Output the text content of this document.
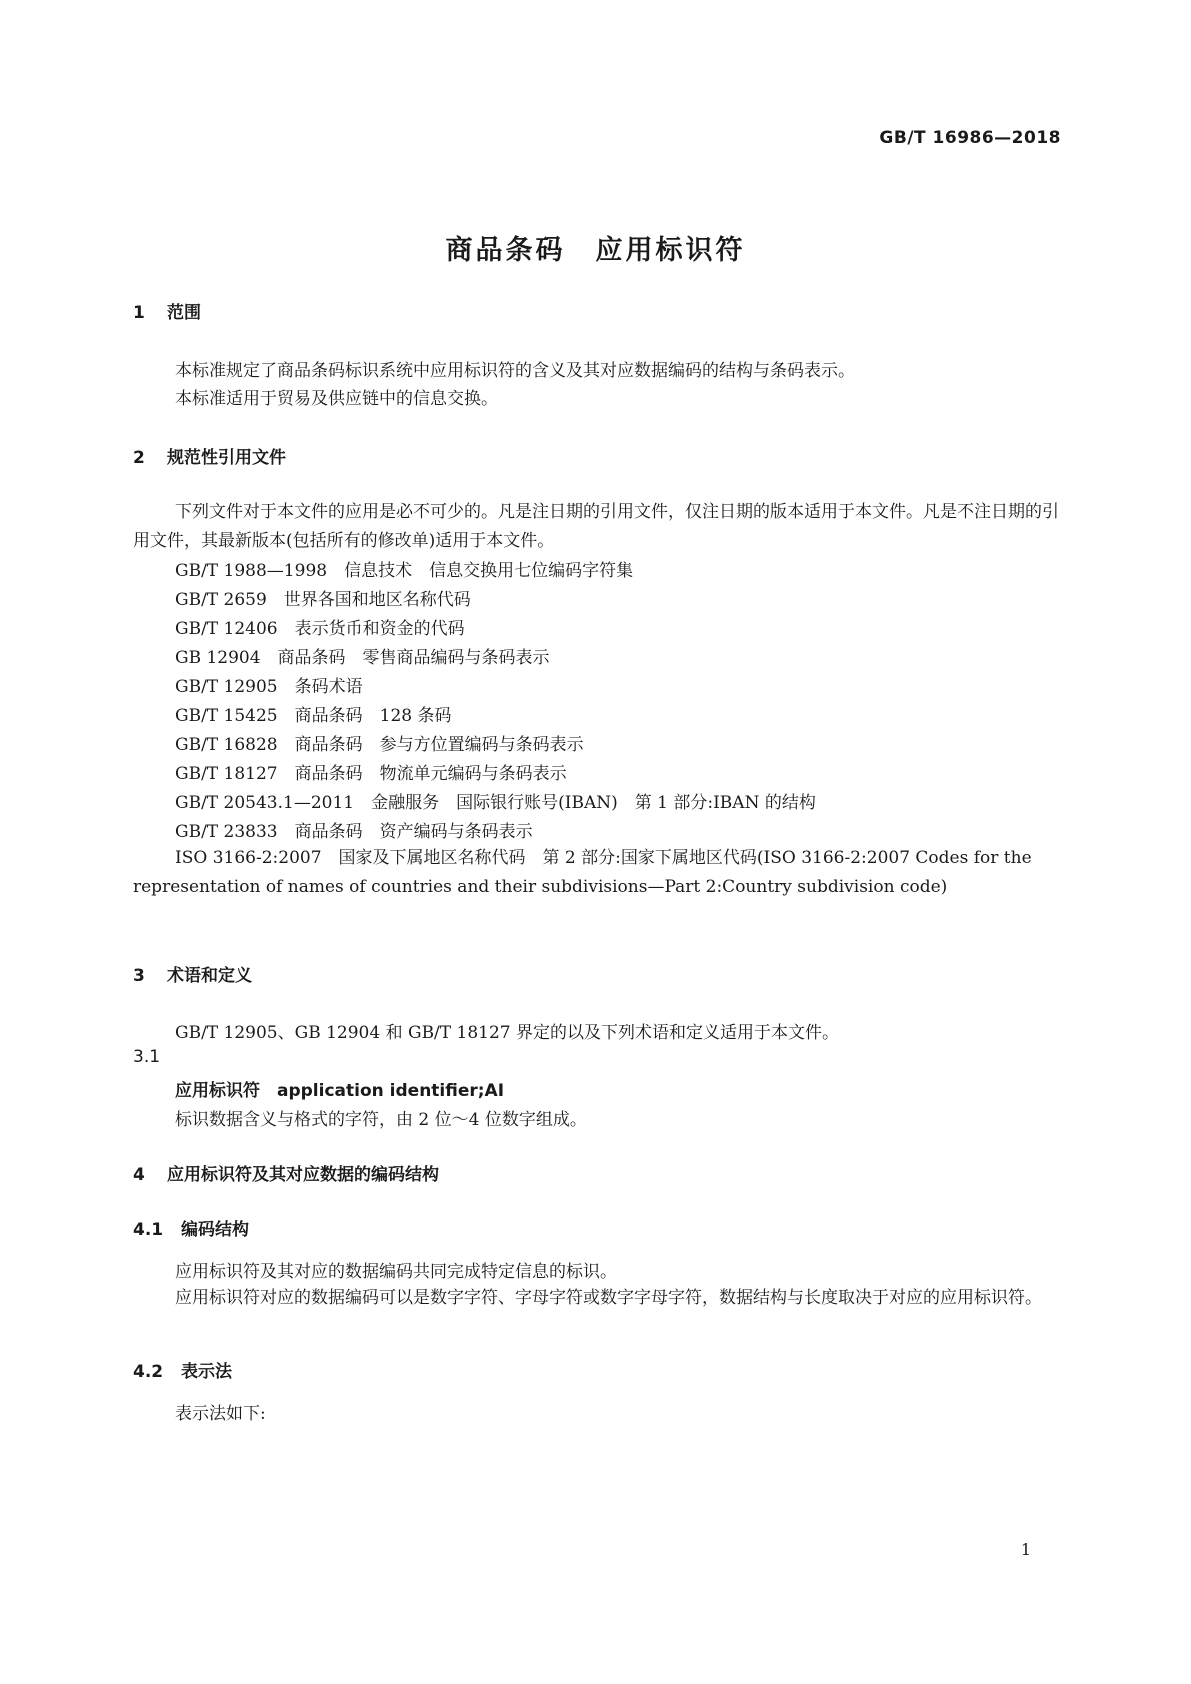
GB/T 16986—2018
商品条码　应用标识符
1 范围
本标准规定了商品条码标识系统中应用标识符的含义及其对应数据编码的结构与条码表示。
本标准适用于贸易及供应链中的信息交换。
2 规范性引用文件
下列文件对于本文件的应用是必不可少的。凡是注日期的引用文件，仅注日期的版本适用于本文件。凡是不注日期的引用文件，其最新版本(包括所有的修改单)适用于本文件。
GB/T 1988—1998　信息技术　信息交换用七位编码字符集
GB/T 2659　世界各国和地区名称代码
GB/T 12406　表示货币和资金的代码
GB 12904　商品条码　零售商品编码与条码表示
GB/T 12905　条码术语
GB/T 15425　商品条码　128 条码
GB/T 16828　商品条码　参与方位置编码与条码表示
GB/T 18127　商品条码　物流单元编码与条码表示
GB/T 20543.1—2011　金融服务　国际银行账号(IBAN)　第 1 部分:IBAN 的结构
GB/T 23833　商品条码　资产编码与条码表示
ISO 3166-2:2007　国家及下属地区名称代码　第 2 部分:国家下属地区代码(ISO 3166-2:2007 Codes for the representation of names of countries and their subdivisions—Part 2:Country subdivision code)
3 术语和定义
GB/T 12905、GB 12904 和 GB/T 18127 界定的以及下列术语和定义适用于本文件。
3.1
应用标识符　application identifier;AI
标识数据含义与格式的字符，由 2 位～4 位数字组成。
4 应用标识符及其对应数据的编码结构
4.1 编码结构
应用标识符及其对应的数据编码共同完成特定信息的标识。
应用标识符对应的数据编码可以是数字字符、字母字符或数字字母字符，数据结构与长度取决于对应的应用标识符。
4.2 表示法
表示法如下:
1
